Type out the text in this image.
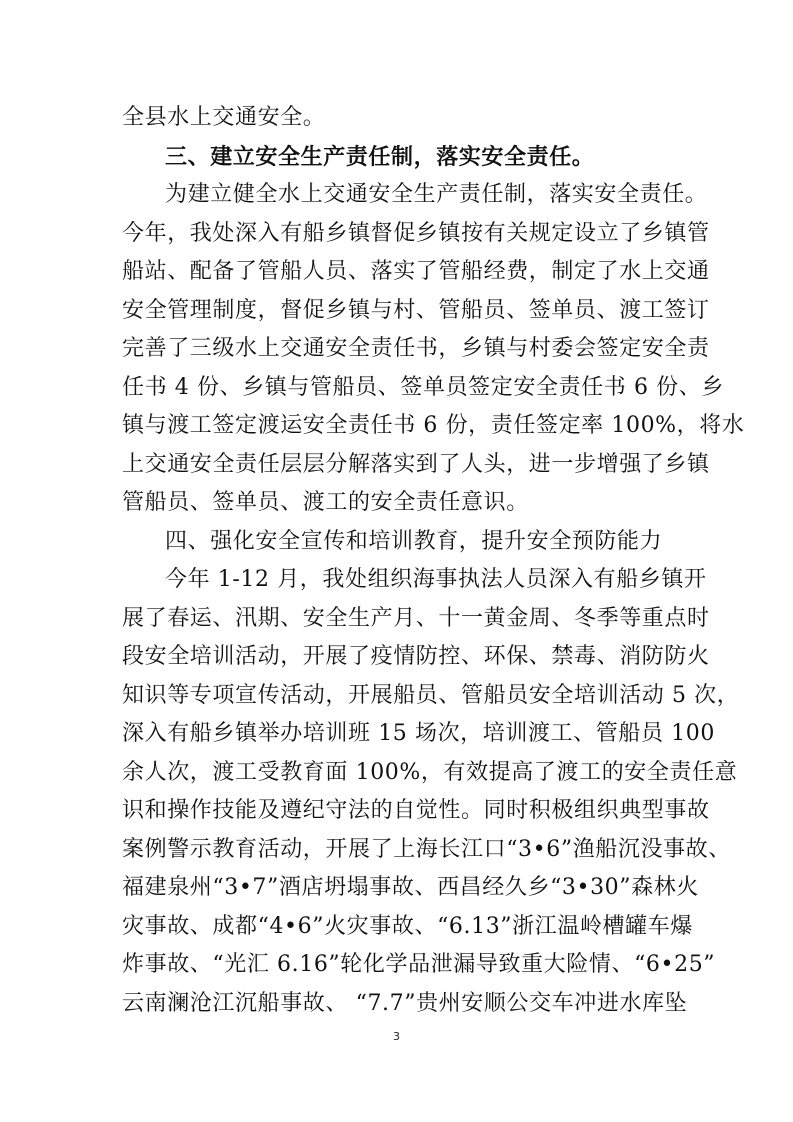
全县水上交通安全。
三、建立安全生产责任制，落实安全责任。
为建立健全水上交通安全生产责任制，落实安全责任。
今年，我处深入有船乡镇督促乡镇按有关规定设立了乡镇管
船站、配备了管船人员、落实了管船经费，制定了水上交通
安全管理制度，督促乡镇与村、管船员、签单员、渡工签订
完善了三级水上交通安全责任书，乡镇与村委会签定安全责
任书 4 份、乡镇与管船员、签单员签定安全责任书 6 份、乡
镇与渡工签定渡运安全责任书 6 份，责任签定率 100%，将水
上交通安全责任层层分解落实到了人头，进一步增强了乡镇
管船员、签单员、渡工的安全责任意识。
四、强化安全宣传和培训教育，提升安全预防能力
今年 1-12 月，我处组织海事执法人员深入有船乡镇开
展了春运、汛期、安全生产月、十一黄金周、冬季等重点时
段安全培训活动，开展了疫情防控、环保、禁毒、消防防火
知识等专项宣传活动，开展船员、管船员安全培训活动 5 次，
深入有船乡镇举办培训班 15 场次，培训渡工、管船员 100
余人次，渡工受教育面 100%，有效提高了渡工的安全责任意
识和操作技能及遵纪守法的自觉性。同时积极组织典型事故
案例警示教育活动，开展了上海长江口“3•6”渔船沉没事故、
福建泉州“3•7”酒店坍塌事故、西昌经久乡“3•30”森林火
灾事故、成都“4•6”火灾事故、“6.13”浙江温岭槽罐车爆
炸事故、“光汇 6.16”轮化学品泄漏导致重大险情、“6•25”
云南澜沧江沉船事故、 “7.7”贵州安顺公交车冲进水库坠
3
